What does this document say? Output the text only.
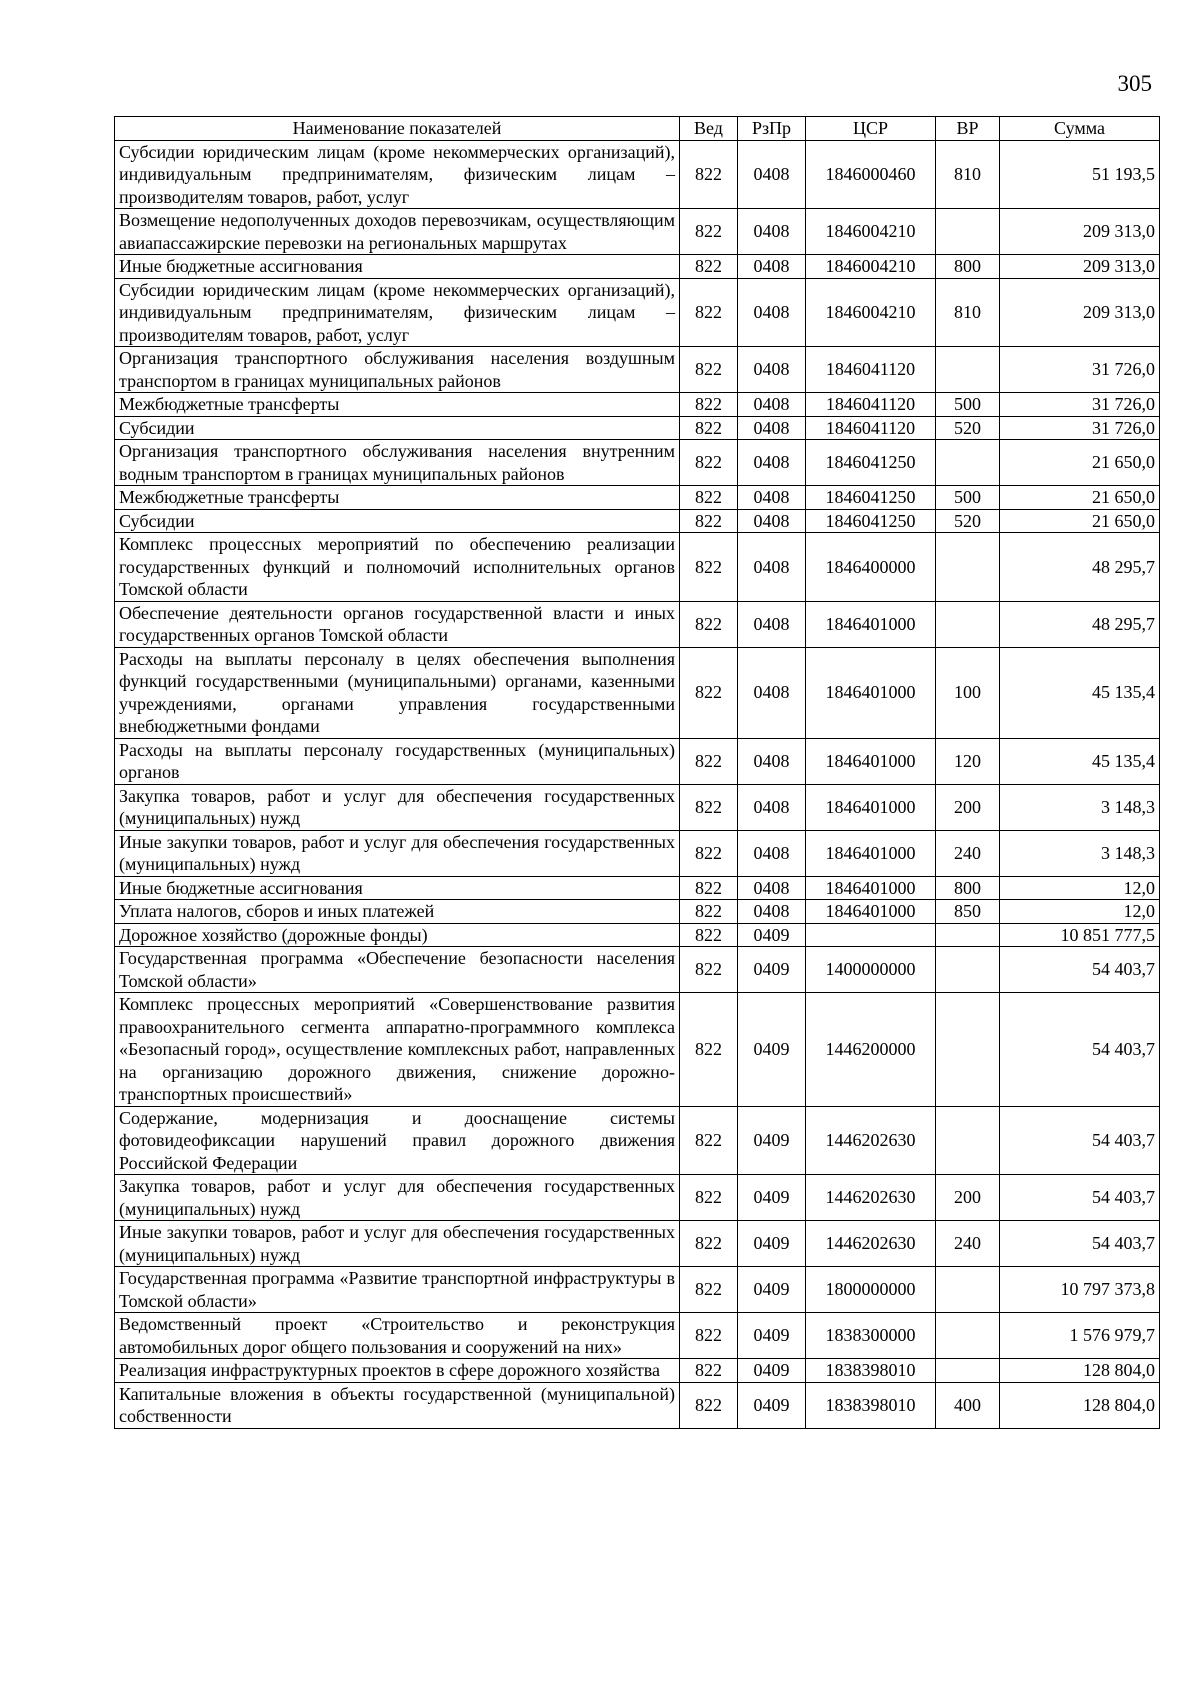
305
Наименование показателей	Вед	РзПр	ЦСР	ВР	Сумма
Субсидии юридическим лицам (кроме некоммерческих организаций), индивидуальным предпринимателям, физическим лицам – производителям товаров, работ, услуг	822	0408	1846000460	810	51 193,5
Возмещение недополученных доходов перевозчикам, осуществляющим авиапассажирские перевозки на региональных маршрутах	822	0408	1846004210		209 313,0
Иные бюджетные ассигнования	822	0408	1846004210	800	209 313,0
Субсидии юридическим лицам (кроме некоммерческих организаций), индивидуальным предпринимателям, физическим лицам – производителям товаров, работ, услуг	822	0408	1846004210	810	209 313,0
Организация транспортного обслуживания населения воздушным транспортом в границах муниципальных районов	822	0408	1846041120		31 726,0
Межбюджетные трансферты	822	0408	1846041120	500	31 726,0
Субсидии	822	0408	1846041120	520	31 726,0
Организация транспортного обслуживания населения внутренним водным транспортом в границах муниципальных районов	822	0408	1846041250		21 650,0
Межбюджетные трансферты	822	0408	1846041250	500	21 650,0
Субсидии	822	0408	1846041250	520	21 650,0
Комплекс процессных мероприятий по обеспечению реализации государственных функций и полномочий исполнительных органов Томской области	822	0408	1846400000		48 295,7
Обеспечение деятельности органов государственной власти и иных государственных органов Томской области	822	0408	1846401000		48 295,7
Расходы на выплаты персоналу в целях обеспечения выполнения функций государственными (муниципальными) органами, казенными учреждениями, органами управления государственными внебюджетными фондами	822	0408	1846401000	100	45 135,4
Расходы на выплаты персоналу государственных (муниципальных) органов	822	0408	1846401000	120	45 135,4
Закупка товаров, работ и услуг для обеспечения государственных (муниципальных) нужд	822	0408	1846401000	200	3 148,3
Иные закупки товаров, работ и услуг для обеспечения государственных (муниципальных) нужд	822	0408	1846401000	240	3 148,3
Иные бюджетные ассигнования	822	0408	1846401000	800	12,0
Уплата налогов, сборов и иных платежей	822	0408	1846401000	850	12,0
Дорожное хозяйство (дорожные фонды)	822	0409			10 851 777,5
Государственная программа «Обеспечение безопасности населения Томской области»	822	0409	1400000000		54 403,7
Комплекс процессных мероприятий «Совершенствование развития правоохранительного сегмента аппаратно-программного комплекса «Безопасный город», осуществление комплексных работ, направленных на организацию дорожного движения, снижение дорожно-транспортных происшествий»	822	0409	1446200000		54 403,7
Содержание, модернизация и дооснащение системы фотовидеофиксации нарушений правил дорожного движения Российской Федерации	822	0409	1446202630		54 403,7
Закупка товаров, работ и услуг для обеспечения государственных (муниципальных) нужд	822	0409	1446202630	200	54 403,7
Иные закупки товаров, работ и услуг для обеспечения государственных (муниципальных) нужд	822	0409	1446202630	240	54 403,7
Государственная программа «Развитие транспортной инфраструктуры в Томской области»	822	0409	1800000000		10 797 373,8
Ведомственный проект «Строительство и реконструкция автомобильных дорог общего пользования и сооружений на них»	822	0409	1838300000		1 576 979,7
Реализация инфраструктурных проектов в сфере дорожного хозяйства	822	0409	1838398010		128 804,0
Капитальные вложения в объекты государственной (муниципальной) собственности	822	0409	1838398010	400	128 804,0
